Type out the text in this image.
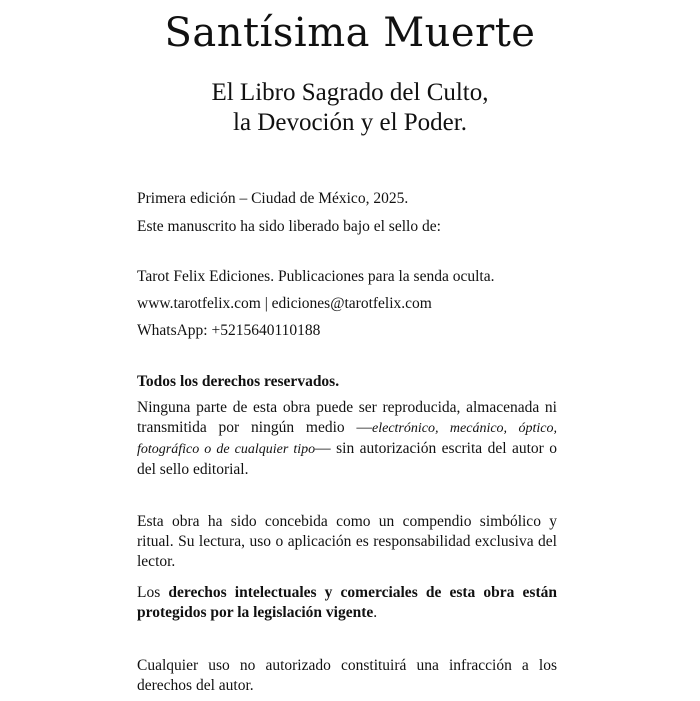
Santísima Muerte
El Libro Sagrado del Culto,
la Devoción y el Poder.

Primera edición – Ciudad de México, 2025.

Este manuscrito ha sido liberado bajo el sello de:

Tarot Felix Ediciones. Publicaciones para la senda oculta.

www.tarotfelix.com | ediciones@tarotfelix.com

WhatsApp: +5215640110188

Todos los derechos reservados.

Ninguna parte de esta obra puede ser reproducida, almacenada ni transmitida por ningún medio —electrónico, mecánico, óptico, fotográfico o de cualquier tipo— sin autorización escrita del autor o del sello editorial.

Esta obra ha sido concebida como un compendio simbólico y ritual. Su lectura, uso o aplicación es responsabilidad exclusiva del lector.
Los derechos intelectuales y comerciales de esta obra están protegidos por la legislación vigente.
Cualquier uso no autorizado constituirá una infracción a los derechos del autor.
